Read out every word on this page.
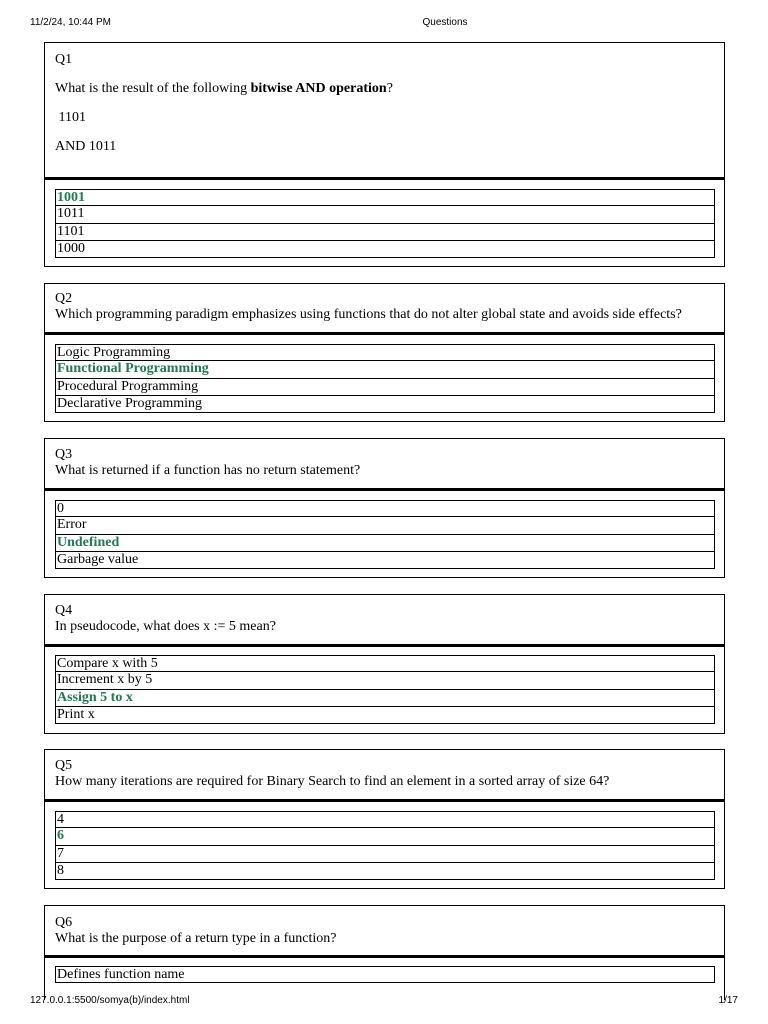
11/2/24, 10:44 PM	Questions
Q1
What is the result of the following bitwise AND operation?
1101
AND 1011
1001
1011
1101
1000
Q2
Which programming paradigm emphasizes using functions that do not alter global state and avoids side effects?
Logic Programming
Functional Programming
Procedural Programming
Declarative Programming
Q3
What is returned if a function has no return statement?
0
Error
Undefined
Garbage value
Q4
In pseudocode, what does x := 5 mean?
Compare x with 5
Increment x by 5
Assign 5 to x
Print x
Q5
How many iterations are required for Binary Search to find an element in a sorted array of size 64?
4
6
7
8
Q6
What is the purpose of a return type in a function?
Defines function name
127.0.0.1:5500/somya(b)/index.html	1/17
